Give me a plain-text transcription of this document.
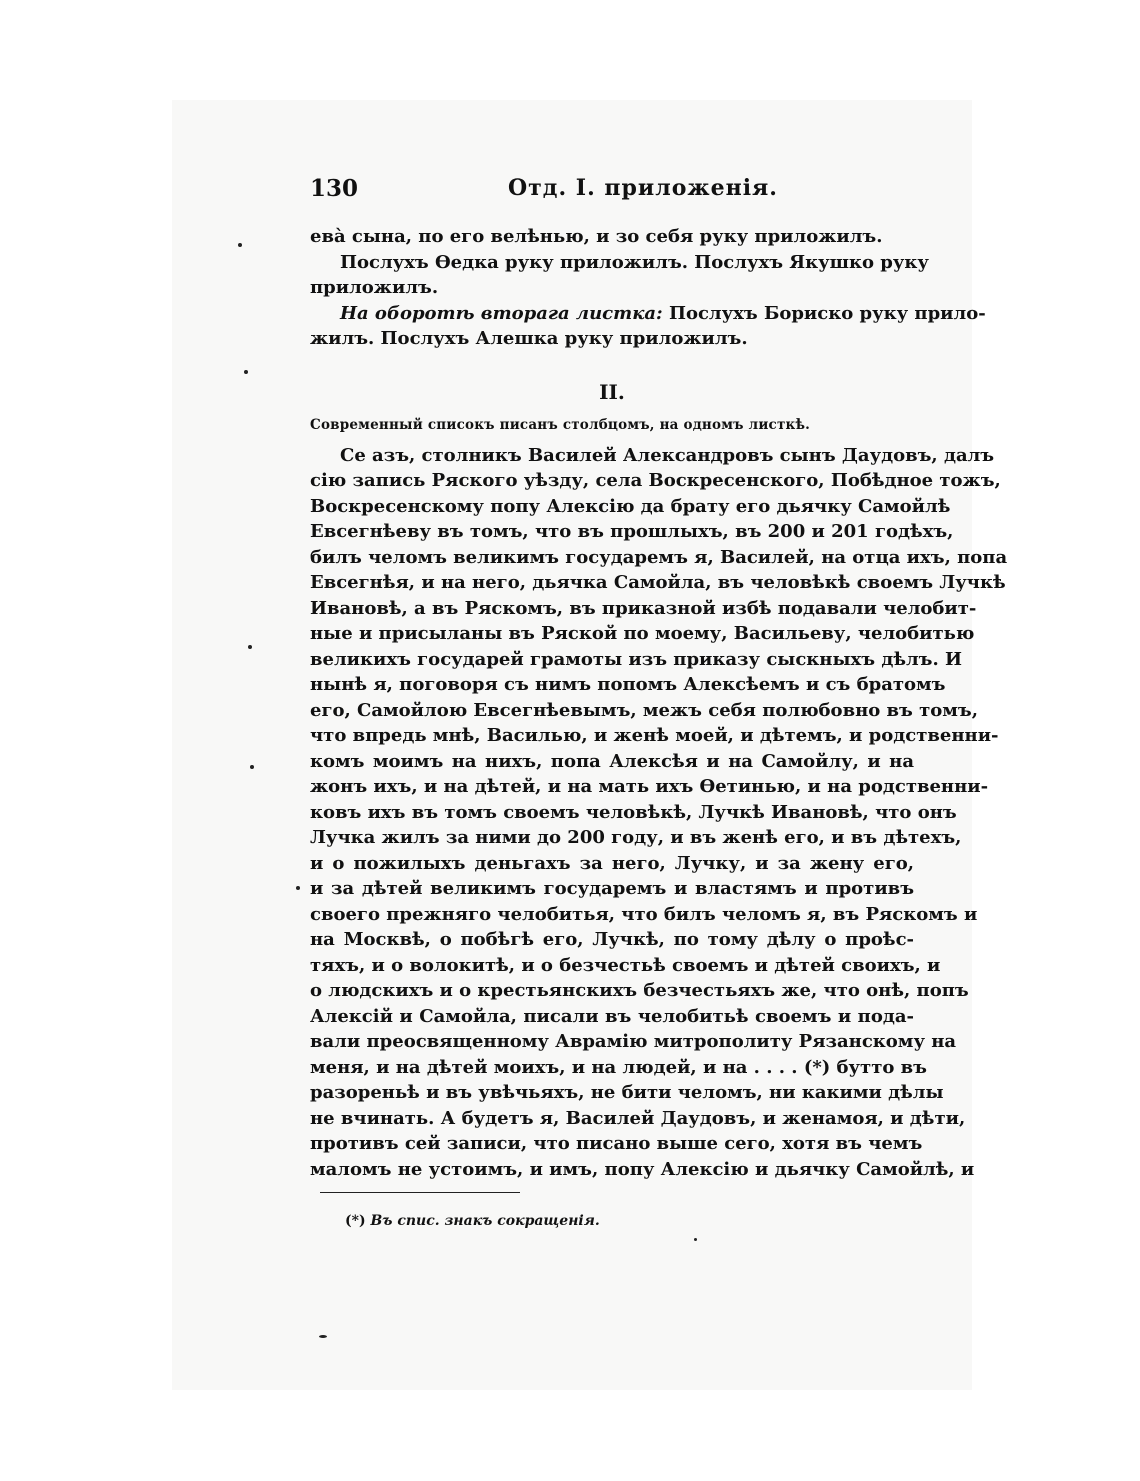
130	Отд. I. приложенія.
ева̀ сына, по его велѣнью, и зо себя руку приложилъ.
Послухъ Ѳедка руку приложилъ. Послухъ Якушко руку
приложилъ.
На оборотѣ вторага листка: Послухъ Бориско руку прило-
жилъ. Послухъ Алешка руку приложилъ.
II.
Современный списокъ писанъ столбцомъ, на одномъ листкѣ.
Се азъ, столникъ Василей Александровъ сынъ Даудовъ, далъ
сію запись Ряского уѣзду, села Воскресенского, Побѣдное тожъ,
Воскресенскому попу Алексію да брату его дьячку Самойлѣ
Евсегнѣеву въ томъ, что въ прошлыхъ, въ 200 и 201 годѣхъ,
билъ челомъ великимъ государемъ я, Василей, на отца ихъ, попа
Евсегнѣя, и на него, дьячка Самойла, въ человѣкѣ своемъ Лучкѣ
Ивановѣ, а въ Ряскомъ, въ приказной избѣ подавали челобит-
ные и присыланы въ Ряской по моему, Васильеву, челобитью
великихъ государей грамоты изъ приказу сыскныхъ дѣлъ. И
нынѣ я, поговоря съ нимъ попомъ Алексѣемъ и съ братомъ
его, Самойлою Евсегнѣевымъ, межъ себя полюбовно въ томъ,
что впредь мнѣ, Василью, и женѣ моей, и дѣтемъ, и родственни-
комъ моимъ на нихъ, попа Алексѣя и на Самойлу, и на
жонъ ихъ, и на дѣтей, и на мать ихъ Ѳетинью, и на родственни-
ковъ ихъ въ томъ своемъ человѣкѣ, Лучкѣ Ивановѣ, что онъ
Лучка жилъ за ними до 200 году, и въ женѣ его, и въ дѣтехъ,
и о пожилыхъ деньгахъ за него, Лучку, и за жену его,
и за дѣтей великимъ государемъ и властямъ и противъ
своего прежняго челобитья, что билъ челомъ я, въ Ряскомъ и
на Москвѣ, о побѣгѣ его, Лучкѣ, по тому дѣлу о проѣс-
тяхъ, и о волокитѣ, и о безчестьѣ своемъ и дѣтей своихъ, и
о людскихъ и о крестьянскихъ безчестьяхъ же, что онѣ, попъ
Алексій и Самойла, писали въ челобитьѣ своемъ и пода-
вали преосвященному Аврамію митрополиту Рязанскому на
меня, и на дѣтей моихъ, и на людей, и на . . . . (*) бутто въ
разореньѣ и въ увѣчьяхъ, не бити челомъ, ни какими дѣлы
не вчинать. А будетъ я, Василей Даудовъ, и женамоя, и дѣти,
противъ сей записи, что писано выше сего, хотя въ чемъ
маломъ не устоимъ, и имъ, попу Алексію и дьячку Самойлѣ, и
(*) Въ спис. знакъ сокращенія.
